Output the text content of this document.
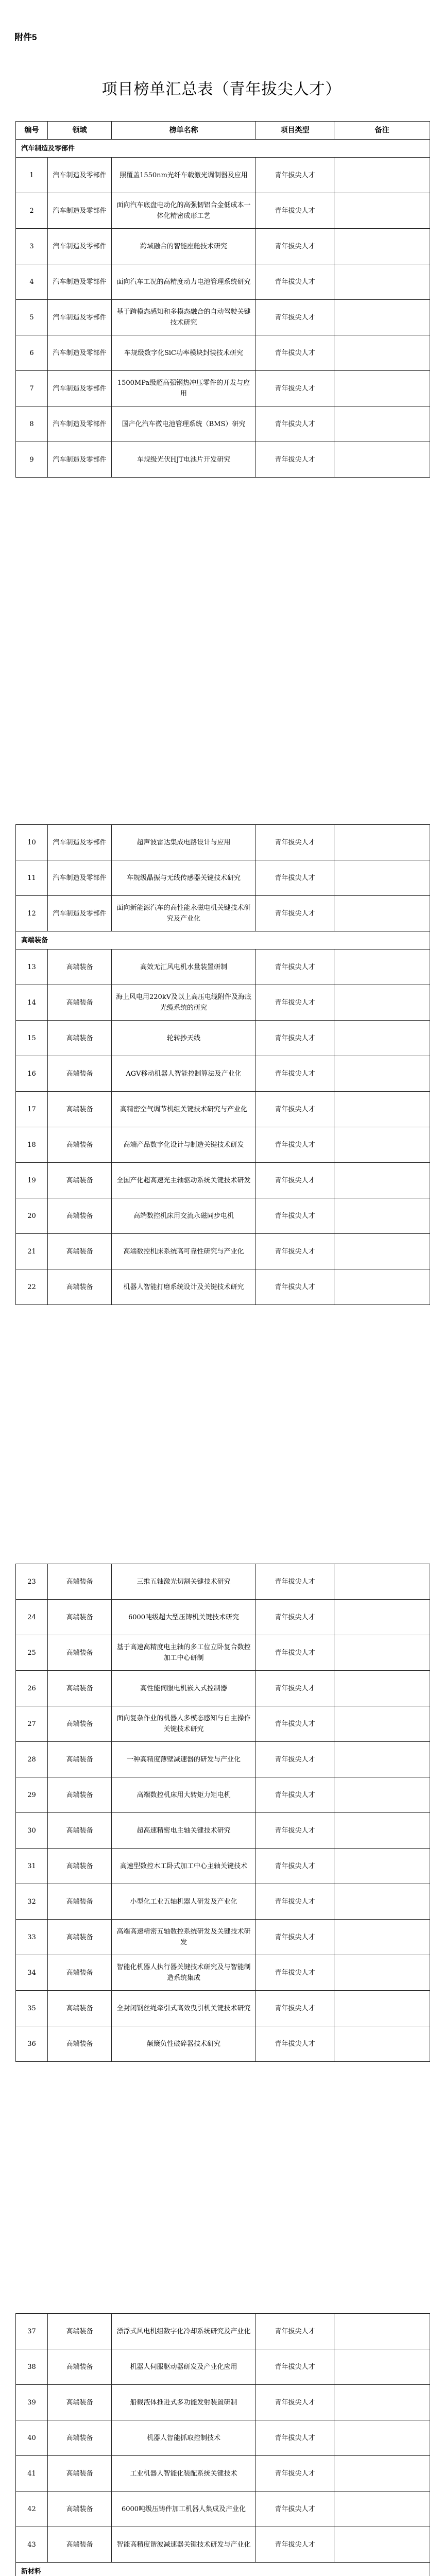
附件5
项目榜单汇总表（青年拔尖人才）
编号	领域	榜单名称	项目类型	备注
汽车制造及零部件				
1	汽车制造及零部件	照覆盖1550nm光纤车载激光调制器及应用	青年拔尖人才	
2	汽车制造及零部件	面向汽车底盘电动化的高强韧铝合金低成本一体化精密成形工艺	青年拔尖人才	
3	汽车制造及零部件	跨域融合的智能座舱技术研究	青年拔尖人才	
4	汽车制造及零部件	面向汽车工况的高精度动力电池管理系统研究	青年拔尖人才	
5	汽车制造及零部件	基于跨模态感知和多模态融合的自动驾驶关键技术研究	青年拔尖人才	
6	汽车制造及零部件	车规级数字化SiC功率模块封装技术研究	青年拔尖人才	
7	汽车制造及零部件	1500MPa级超高强钢热冲压零件的开发与应用	青年拔尖人才	
8	汽车制造及零部件	国产化汽车微电池管理系统（BMS）研究	青年拔尖人才	
9	汽车制造及零部件	车规级光伏HJT电池片开发研究	青年拔尖人才	
10	汽车制造及零部件	超声波雷达集成电路设计与应用	青年拔尖人才	
11	汽车制造及零部件	车规级晶振与无线传感器关键技术研究	青年拔尖人才	
12	汽车制造及零部件	面向新能源汽车的高性能永磁电机关键技术研究及产业化	青年拔尖人才	
高端装备				
13	高端装备	高效无汇风电机水量装置研制	青年拔尖人才	
14	高端装备	海上风电用220kV及以上高压电缆附件及海底光缆系统的研究	青年拔尖人才	
15	高端装备	轮转抄天线	青年拔尖人才	
16	高端装备	AGV移动机器人智能控制算法及产业化	青年拔尖人才	
17	高端装备	高精密空气调节机组关键技术研究与产业化	青年拔尖人才	
18	高端装备	高端产品数字化设计与制造关键技术研发	青年拔尖人才	
19	高端装备	全国产化超高速光主轴驱动系统关键技术研发	青年拔尖人才	
20	高端装备	高端数控机床用交流永磁同步电机	青年拔尖人才	
21	高端装备	高端数控机床系统高可靠性研究与产业化	青年拔尖人才	
22	高端装备	机器人智能打磨系统设计及关键技术研究	青年拔尖人才	
23	高端装备	三维五轴激光切割关键技术研究	青年拔尖人才	
24	高端装备	6000吨级超大型压铸机关键技术研究	青年拔尖人才	
25	高端装备	基于高速高精度电主轴的多工位立卧复合数控加工中心研制	青年拔尖人才	
26	高端装备	高性能伺服电机嵌入式控制器	青年拔尖人才	
27	高端装备	面向复杂作业的机器人多模态感知与自主操作关键技术研究	青年拔尖人才	
28	高端装备	一种高精度薄壁减速器的研发与产业化	青年拔尖人才	
29	高端装备	高端数控机床用大转矩力矩电机	青年拔尖人才	
30	高端装备	超高速精密电主轴关键技术研究	青年拔尖人才	
31	高端装备	高速型数控木工卧式加工中心主轴关键技术	青年拔尖人才	
32	高端装备	小型化工业五轴机器人研发及产业化	青年拔尖人才	
33	高端装备	高端高速精密五轴数控系统研发及关键技术研发	青年拔尖人才	
34	高端装备	智能化机器人执行器关键技术研究及与智能制造系统集成	青年拔尖人才	
35	高端装备	全封闭钢丝绳牵引式高效曳引机关键技术研究	青年拔尖人才	
36	高端装备	颠簸负性破碎器技术研究	青年拔尖人才	
37	高端装备	漂浮式风电机组数字化冷却系统研究及产业化	青年拔尖人才	
38	高端装备	机器人伺服驱动器研发及产业化应用	青年拔尖人才	
39	高端装备	船载液体推进式多功能发射装置研制	青年拔尖人才	
40	高端装备	机器人智能抓取控制技术	青年拔尖人才	
41	高端装备	工业机器人智能化装配系统关键技术	青年拔尖人才	
42	高端装备	6000吨级压铸件加工机器人集成及产业化	青年拔尖人才	
43	高端装备	智能高精度谐波减速器关键技术研发与产业化	青年拔尖人才	
新材料				
